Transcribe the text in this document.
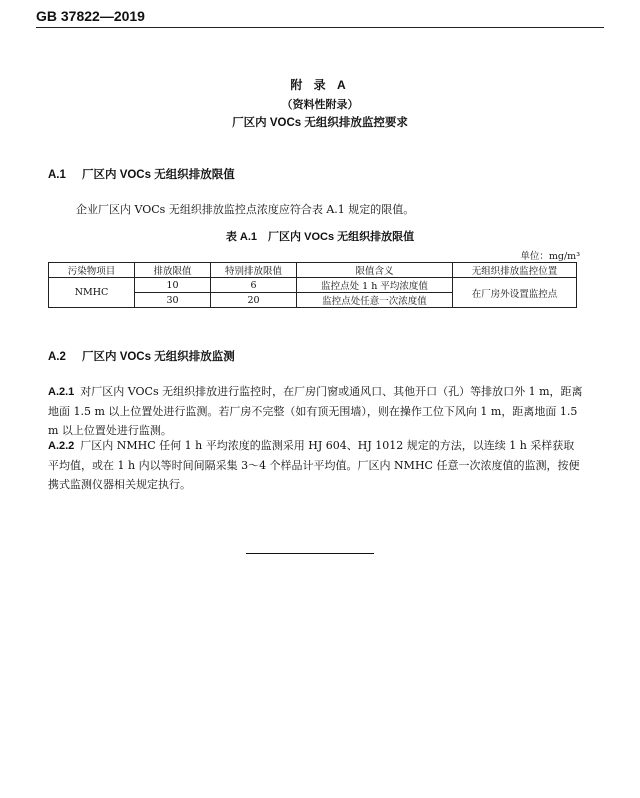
GB 37822—2019
附 录 A
（资料性附录）
厂区内 VOCs 无组织排放监控要求
A.1 厂区内 VOCs 无组织排放限值
企业厂区内 VOCs 无组织排放监控点浓度应符合表 A.1 规定的限值。
表 A.1　厂区内 VOCs 无组织排放限值
单位：mg/m³
污染物项目	排放限值	特别排放限值	限值含义	无组织排放监控位置
NMHC	10	6	监控点处 1 h 平均浓度值	在厂房外设置监控点
	30	20	监控点处任意一次浓度值	
A.2 厂区内 VOCs 无组织排放监测
A.2.1 对厂区内 VOCs 无组织排放进行监控时，在厂房门窗或通风口、其他开口（孔）等排放口外 1 m，距离地面 1.5 m 以上位置处进行监测。若厂房不完整（如有顶无围墙），则在操作工位下风向 1 m，距离地面 1.5 m 以上位置处进行监测。
A.2.2 厂区内 NMHC 任何 1 h 平均浓度的监测采用 HJ 604、HJ 1012 规定的方法，以连续 1 h 采样获取平均值，或在 1 h 内以等时间间隔采集 3～4 个样品计平均值。厂区内 NMHC 任意一次浓度值的监测，按便携式监测仪器相关规定执行。
